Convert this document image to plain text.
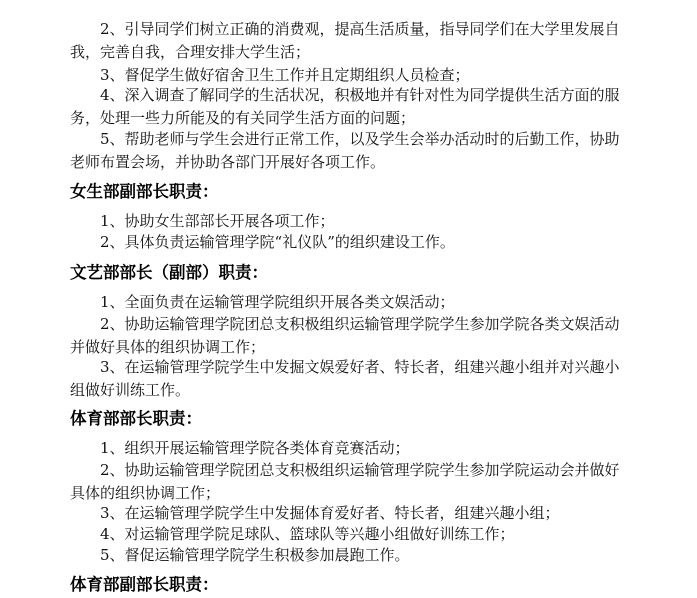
2、引导同学们树立正确的消费观，提高生活质量，指导同学们在大学里发展自我，完善自我，合理安排大学生活；

3、督促学生做好宿舍卫生工作并且定期组织人员检查；

4、深入调查了解同学的生活状况，积极地并有针对性为同学提供生活方面的服务，处理一些力所能及的有关同学生活方面的问题；

5、帮助老师与学生会进行正常工作，以及学生会举办活动时的后勤工作，协助老师布置会场，并协助各部门开展好各项工作。

女生部副部长职责：

1、协助女生部部长开展各项工作；

2、具体负责运输管理学院“礼仪队”的组织建设工作。

文艺部部长（副部）职责：

1、全面负责在运输管理学院组织开展各类文娱活动；

2、协助运输管理学院团总支积极组织运输管理学院学生参加学院各类文娱活动并做好具体的组织协调工作；

3、在运输管理学院学生中发掘文娱爱好者、特长者，组建兴趣小组并对兴趣小组做好训练工作。

体育部部长职责：

1、组织开展运输管理学院各类体育竞赛活动；

2、协助运输管理学院团总支积极组织运输管理学院学生参加学院运动会并做好具体的组织协调工作；

3、在运输管理学院学生中发掘体育爱好者、特长者，组建兴趣小组；

4、对运输管理学院足球队、篮球队等兴趣小组做好训练工作；

5、督促运输管理学院学生积极参加晨跑工作。

体育部副部长职责：
